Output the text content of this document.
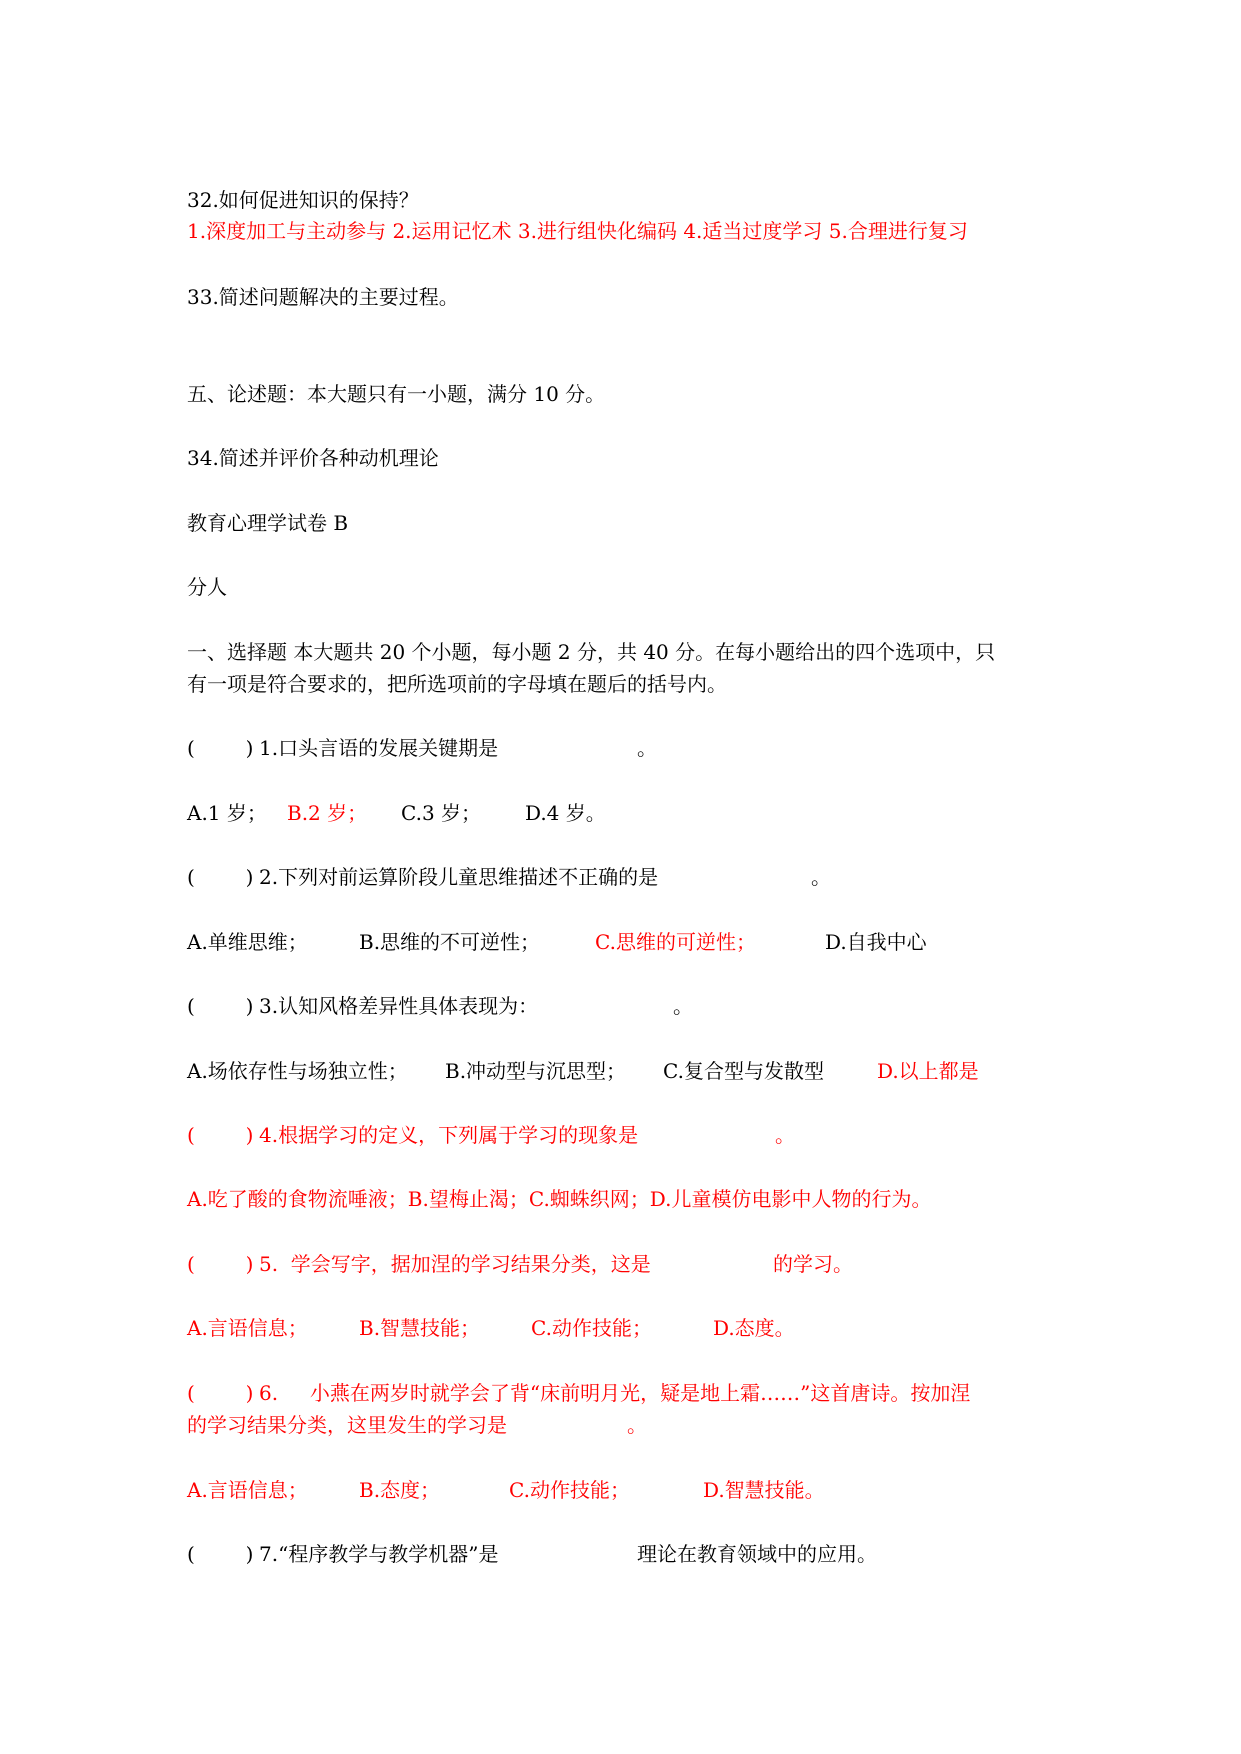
32.如何促进知识的保持？
1.深度加工与主动参与 2.运用记忆术 3.进行组快化编码 4.适当过度学习 5.合理进行复习
33.简述问题解决的主要过程。
五、论述题：本大题只有一小题，满分 10 分。
34.简述并评价各种动机理论
教育心理学试卷 B
分人
一、选择题 本大题共 20 个小题，每小题 2 分，共 40 分。在每小题给出的四个选项中，只
有一项是符合要求的，把所选项前的字母填在题后的括号内。

(        )

1.口头言语的发展关键期是

	。

A.1 岁；

B.2 岁；

C.3 岁；

D.4 岁。

(        )

2.下列对前运算阶段儿童思维描述不正确的是

	。

A.单维思维；

	B.思维的不可逆性；

	C.思维的可逆性；

	D.自我中心

(        )

3.认知风格差异性具体表现为：

	。

A.场依存性与场独立性；

B.冲动型与沉思型；

C.复合型与发散型

	D.以上都是

(        )

4.根据学习的定义，下列属于学习的现象是

	。

A.吃了酸的食物流唾液；B.望梅止渴；C.蜘蛛织网；D.儿童模仿电影中人物的行为。

(        )

5.  学会写字，据加涅的学习结果分类，这是

	的学习。

A.言语信息；

	B.智慧技能；

	C.动作技能；

	D.态度。

(        )

6.     小燕在两岁时就学会了背“床前明月光，疑是地上霜……”这首唐诗。按加涅

的学习结果分类，这里发生的学习是

	。

A.言语信息；

	B.态度；

	C.动作技能；

	D.智慧技能。

(        )

7.“程序教学与教学机器”是

	理论在教育领域中的应用。
